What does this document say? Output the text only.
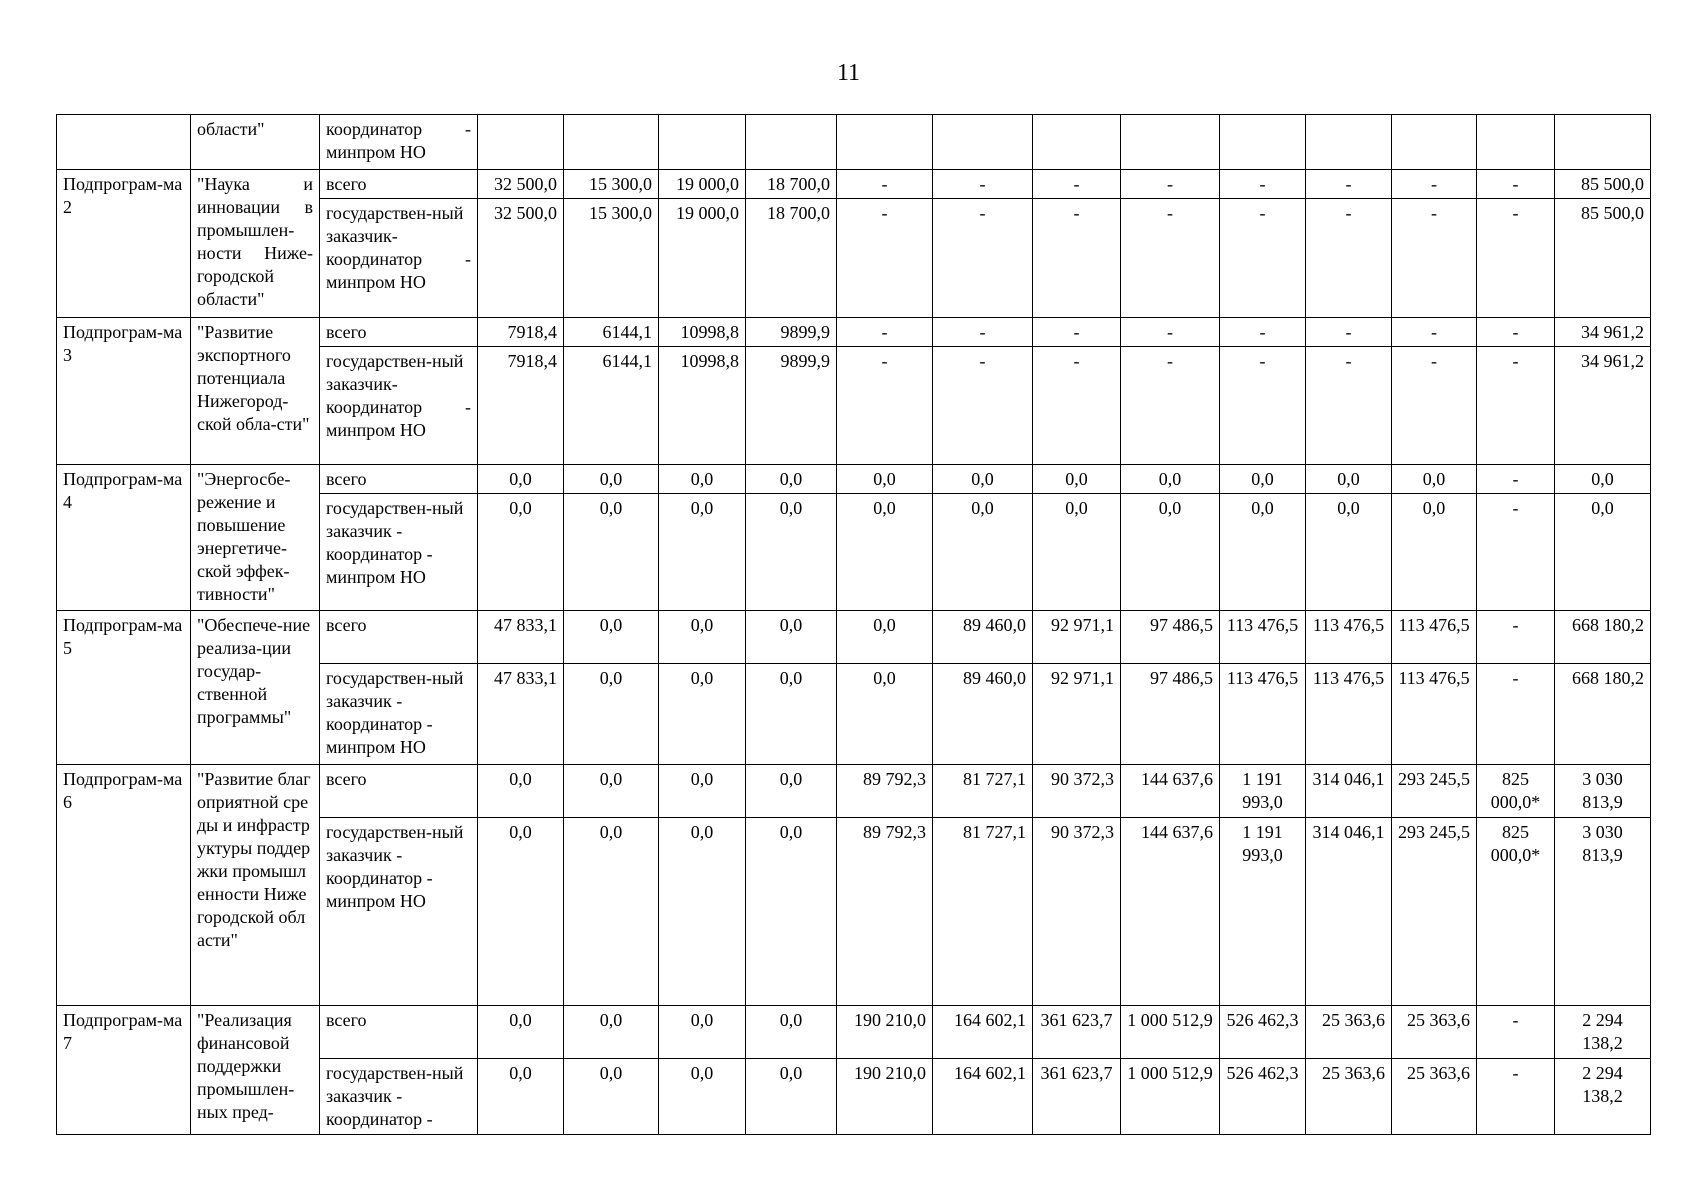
11
	области"	координатор - минпром НО													
Подпрограм-ма 2	"Наука и инновации в промышлен-ности Ниже-городской области"	всего	32 500,0	15 300,0	19 000,0	18 700,0	-	-	-	-	-	-	-	-	85 500,0
		государствен-ный заказчик-координатор - минпром НО	32 500,0	15 300,0	19 000,0	18 700,0	-	-	-	-	-	-	-	-	85 500,0
Подпрограм-ма 3	"Развитие экспортного потенциала Нижегород-ской обла-сти"	всего	7918,4	6144,1	10998,8	9899,9	-	-	-	-	-	-	-	-	34 961,2
		государствен-ный заказчик-координатор - минпром НО	7918,4	6144,1	10998,8	9899,9	-	-	-	-	-	-	-	-	34 961,2
Подпрограм-ма 4	"Энергосбе-режение и повышение энергетиче-ской эффек-тивности"	всего	0,0	0,0	0,0	0,0	0,0	0,0	0,0	0,0	0,0	0,0	0,0	-	0,0
		государствен-ный заказчик - координатор - минпром НО	0,0	0,0	0,0	0,0	0,0	0,0	0,0	0,0	0,0	0,0	0,0	-	0,0
Подпрограм-ма 5	"Обеспече-ние реализа-ции государ-ственной программы"	всего	47 833,1	0,0	0,0	0,0	0,0	89 460,0	92 971,1	97 486,5	113 476,5	113 476,5	113 476,5	-	668 180,2
		государствен-ный заказчик - координатор - минпром НО	47 833,1	0,0	0,0	0,0	0,0	89 460,0	92 971,1	97 486,5	113 476,5	113 476,5	113 476,5	-	668 180,2
Подпрограм-ма 6	"Развитие благоприятной среды и инфраструктуры поддержки промышленности Нижегородской области"	всего	0,0	0,0	0,0	0,0	89 792,3	81 727,1	90 372,3	144 637,6	1 191 993,0	314 046,1	293 245,5	825 000,0*	3 030 813,9
		государствен-ный заказчик - координатор - минпром НО	0,0	0,0	0,0	0,0	89 792,3	81 727,1	90 372,3	144 637,6	1 191 993,0	314 046,1	293 245,5	825 000,0*	3 030 813,9
Подпрограм-ма 7	"Реализация финансовой поддержки промышлен-ных пред-	всего	0,0	0,0	0,0	0,0	190 210,0	164 602,1	361 623,7	1 000 512,9	526 462,3	25 363,6	25 363,6	-	2 294 138,2
		государствен-ный заказчик - координатор -	0,0	0,0	0,0	0,0	190 210,0	164 602,1	361 623,7	1 000 512,9	526 462,3	25 363,6	25 363,6	-	2 294 138,2
